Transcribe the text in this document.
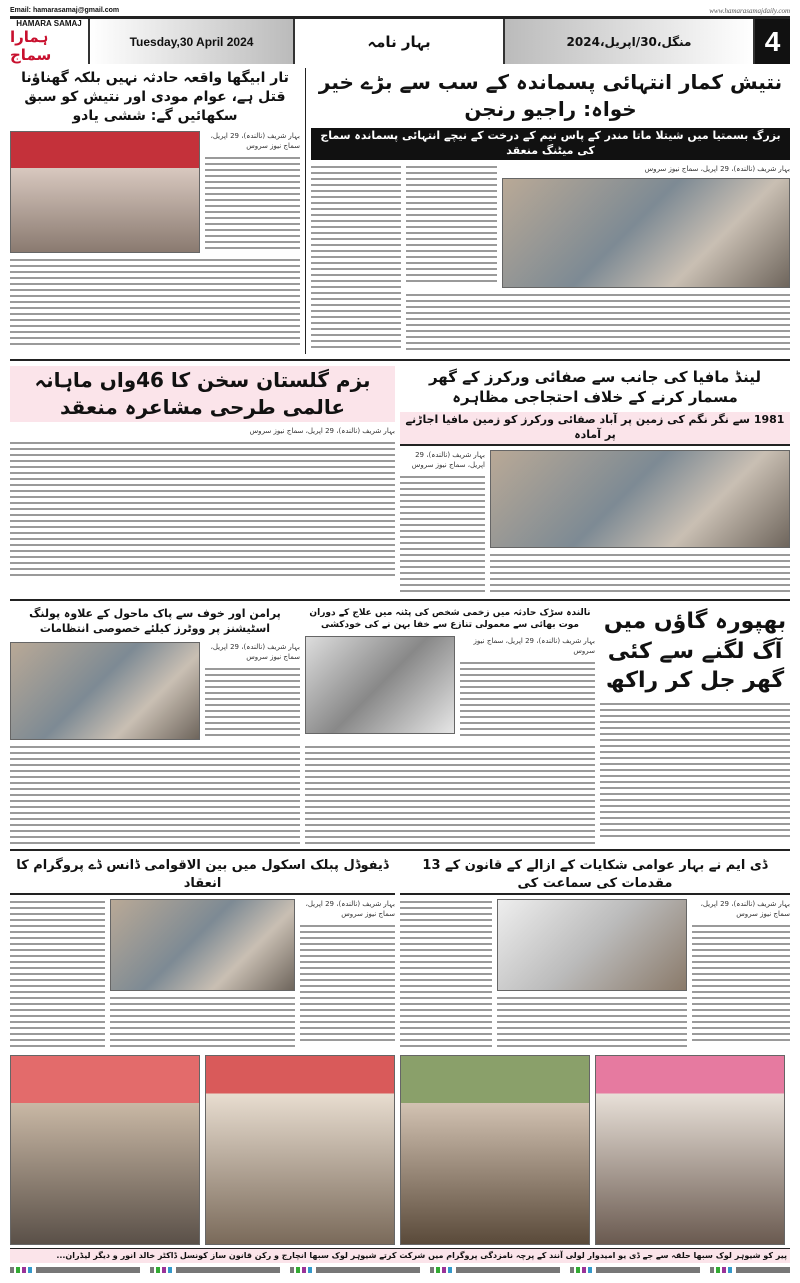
Email: hamarasamaj@gmail.com	www.hamarasamajdaily.com
HAMARA SAMAJ
ہمارا سماج
Tuesday,30 April 2024	بہار نامہ	منگل،30/اپریل،2024	4
تار ابیگھا واقعہ حادثہ نہیں بلکہ گھناؤنا قتل ہے، عوام مودی اور نتیش کو سبق سکھائیں گے: ششی یادو
بہار شریف (نالندہ)، 29 اپریل، سماج نیوز سروس
نتیش کمار انتہائی پسماندہ کے سب سے بڑے خیر خواہ: راجیو رنجن
بزرگ بسمتیا میں شیتلا ماتا مندر کے پاس نیم کے درخت کے نیچے انتہائی پسماندہ سماج کی میٹنگ منعقد
بہار شریف (نالندہ)، 29 اپریل، سماج نیوز سروس
بزم گلستان سخن کا 46واں ماہانہ عالمی طرحی مشاعرہ منعقد
بہار شریف (نالندہ)، 29 اپریل، سماج نیوز سروس
لینڈ مافیا کی جانب سے صفائی ورکرز کے گھر مسمار کرنے کے خلاف احتجاجی مظاہرہ
1981 سے نگر نگم کی زمین پر آباد صفائی ورکرز کو زمین مافیا اجاڑنے پر آمادہ
بہار شریف (نالندہ)، 29 اپریل، سماج نیوز سروس
پرامن اور خوف سے پاک ماحول کے علاوہ پولنگ اسٹیشنز پر ووٹرز کیلئے خصوصی انتظامات
بہار شریف (نالندہ)، 29 اپریل، سماج نیوز سروس
نالندہ سڑک حادثہ میں زخمی شخص کی پٹنہ میں علاج کے دوران موت بھائی سے معمولی تنازع سے خفا بہن نے کی خودکشی
بہار شریف (نالندہ)، 29 اپریل، سماج نیوز سروس
بھپورہ گاؤں میں آگ لگنے سے کئی گھر جل کر راکھ
ڈیفوڈل پبلک اسکول میں بین الاقوامی ڈانس ڈے پروگرام کا انعقاد
بہار شریف (نالندہ)، 29 اپریل، سماج نیوز سروس
ڈی ایم نے بہار عوامی شکایات کے ازالے کے قانون کے 13 مقدمات کی سماعت کی
بہار شریف (نالندہ)، 29 اپریل، سماج نیوز سروس
پیر کو شیوہر لوک سبھا حلقہ سے جے ڈی یو امیدوار لولی آنند کے پرچہ نامزدگی پروگرام میں شرکت کرتے شیوہر لوک سبھا انچارج و رکن قانون ساز کونسل ڈاکٹر خالد انور و دیگر لیڈران...
